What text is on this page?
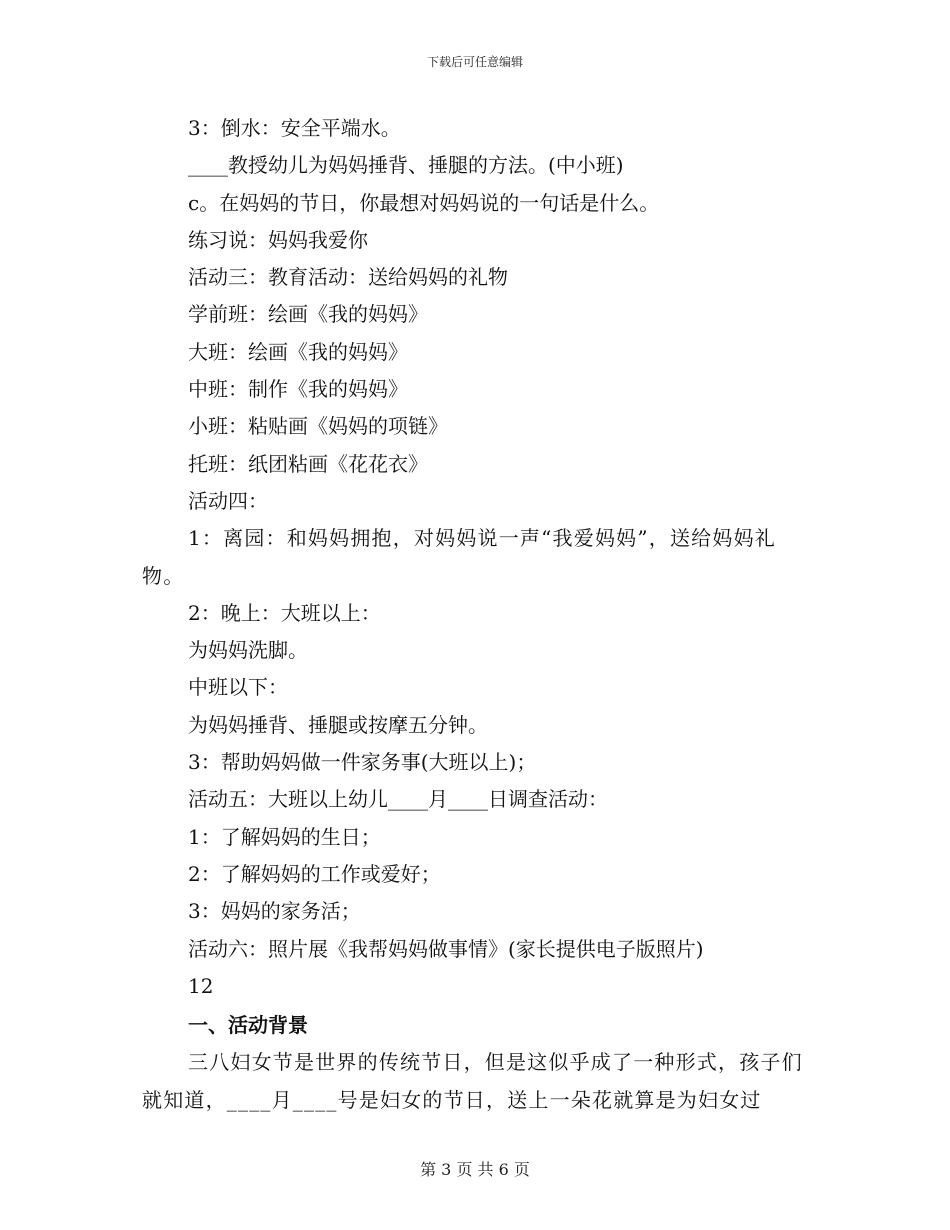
下载后可任意编辑
3：倒水：安全平端水。
____教授幼儿为妈妈捶背、捶腿的方法。(中小班)
c。在妈妈的节日，你最想对妈妈说的一句话是什么。
练习说：妈妈我爱你
活动三：教育活动：送给妈妈的礼物
学前班：绘画《我的妈妈》
大班：绘画《我的妈妈》
中班：制作《我的妈妈》
小班：粘贴画《妈妈的项链》
托班：纸团粘画《花花衣》
活动四：
1：离园：和妈妈拥抱，对妈妈说一声“我爱妈妈”，送给妈妈礼物。
2：晚上：大班以上：
为妈妈洗脚。
中班以下：
为妈妈捶背、捶腿或按摩五分钟。
3：帮助妈妈做一件家务事(大班以上)；
活动五：大班以上幼儿____月____日调查活动：
1：了解妈妈的生日；
2：了解妈妈的工作或爱好；
3：妈妈的家务活；
活动六：照片展《我帮妈妈做事情》(家长提供电子版照片)
12
一、活动背景
三八妇女节是世界的传统节日，但是这似乎成了一种形式，孩子们就知道，____月____号是妇女的节日，送上一朵花就算是为妇女过
第 3 页 共 6 页
